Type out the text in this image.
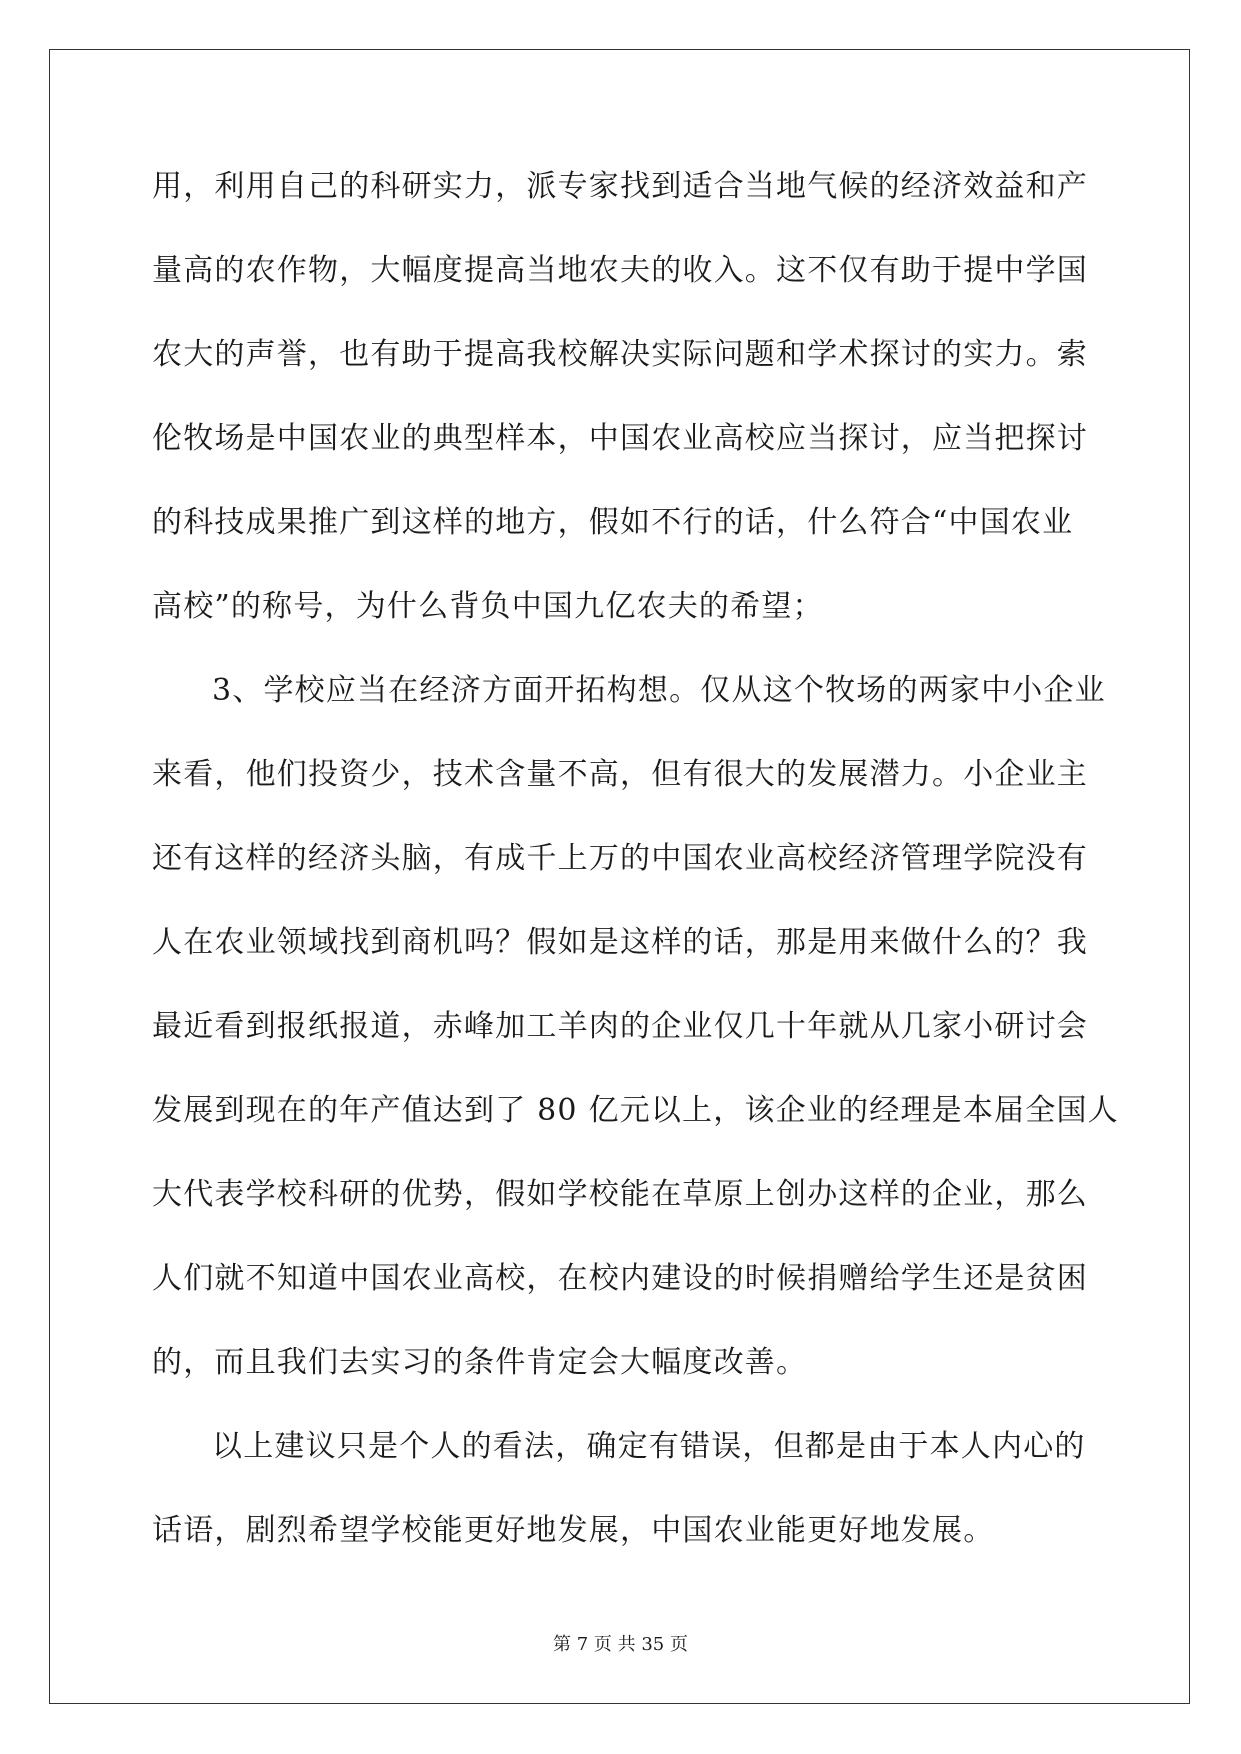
用，利用自己的科研实力，派专家找到适合当地气候的经济效益和产
量高的农作物，大幅度提高当地农夫的收入。这不仅有助于提中学国
农大的声誉，也有助于提高我校解决实际问题和学术探讨的实力。索
伦牧场是中国农业的典型样本，中国农业高校应当探讨，应当把探讨
的科技成果推广到这样的地方，假如不行的话，什么符合“中国农业
高校”的称号，为什么背负中国九亿农夫的希望；
3、学校应当在经济方面开拓构想。仅从这个牧场的两家中小企业
来看，他们投资少，技术含量不高，但有很大的发展潜力。小企业主
还有这样的经济头脑，有成千上万的中国农业高校经济管理学院没有
人在农业领域找到商机吗？假如是这样的话，那是用来做什么的？我
最近看到报纸报道，赤峰加工羊肉的企业仅几十年就从几家小研讨会
发展到现在的年产值达到了 80 亿元以上，该企业的经理是本届全国人
大代表学校科研的优势，假如学校能在草原上创办这样的企业，那么
人们就不知道中国农业高校，在校内建设的时候捐赠给学生还是贫困
的，而且我们去实习的条件肯定会大幅度改善。
以上建议只是个人的看法，确定有错误，但都是由于本人内心的
话语，剧烈希望学校能更好地发展，中国农业能更好地发展。
第 7 页 共 35 页
